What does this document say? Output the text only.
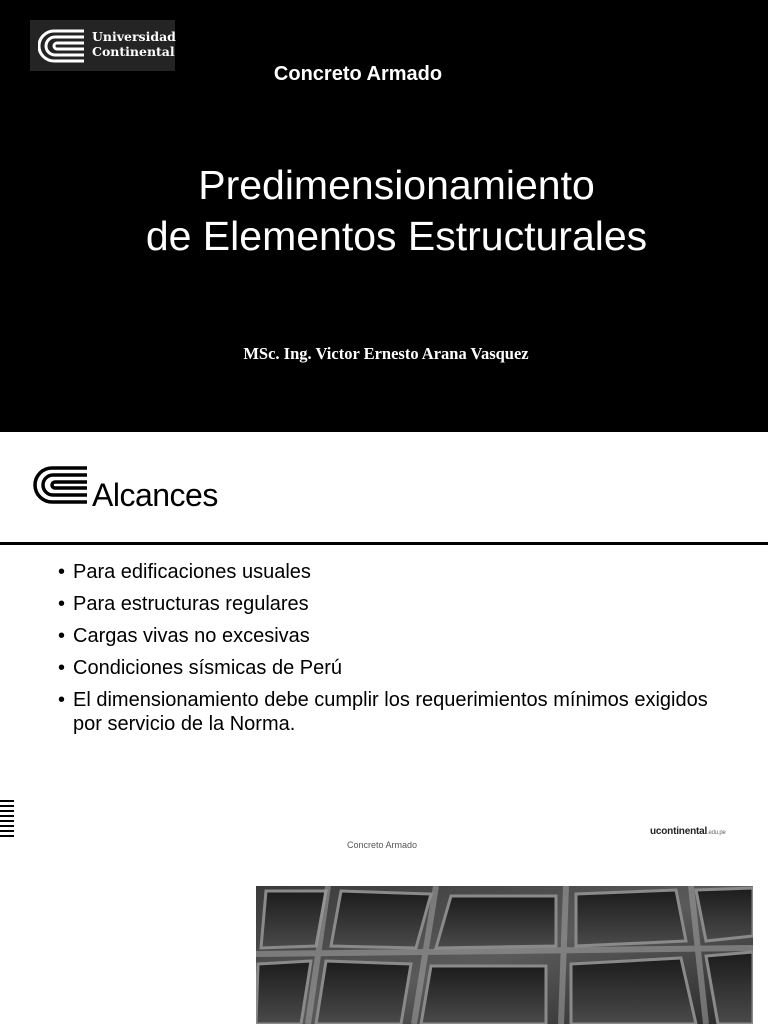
Universidad
Continental
Concreto Armado
Predimensionamiento
de Elementos Estructurales
MSc. Ing. Victor Ernesto Arana Vasquez
Alcances
• Para edificaciones usuales
• Para estructuras regulares
• Cargas vivas no excesivas
• Condiciones sísmicas de Perú
• El dimensionamiento debe cumplir los requerimientos mínimos exigidos por servicio de la Norma.
Concreto Armado
ucontinental.edu.pe
